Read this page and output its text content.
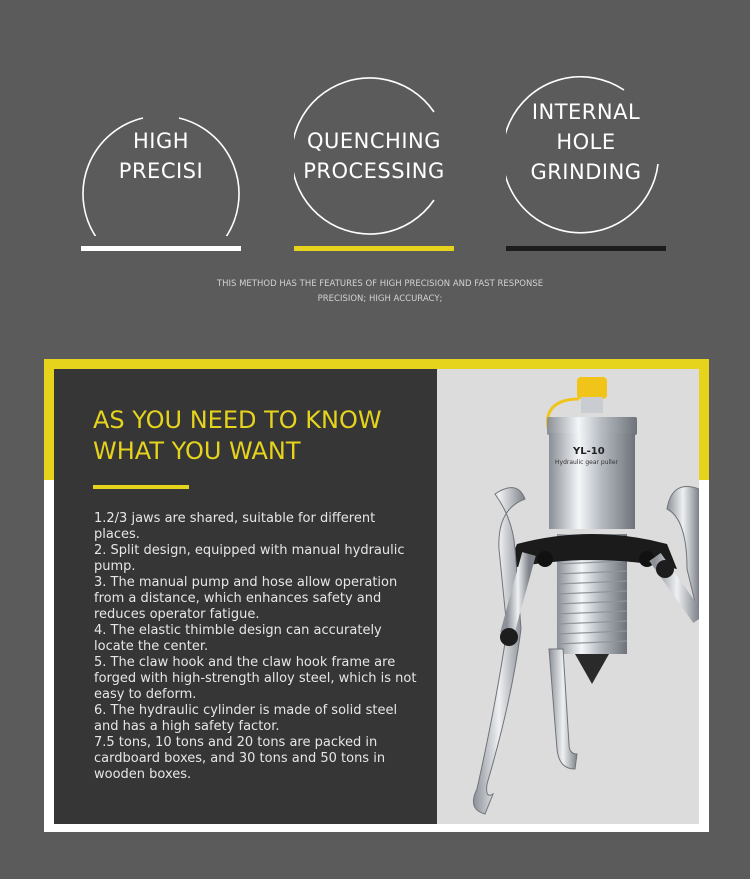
HIGH
PRECISI
QUENCHING
PROCESSING
INTERNAL
HOLE
GRINDING
THIS METHOD HAS THE FEATURES OF HIGH PRECISION AND FAST RESPONSE
PRECISION; HIGH ACCURACY;
YL-10
Hydraulic gear puller
AS YOU NEED TO KNOW
WHAT YOU WANT
1.2/3 jaws are shared, suitable for different
places.
2. Split design, equipped with manual hydraulic
pump.
3. The manual pump and hose allow operation
from a distance, which enhances safety and
reduces operator fatigue.
4. The elastic thimble design can accurately
locate the center.
5. The claw hook and the claw hook frame are
forged with high-strength alloy steel, which is not
easy to deform.
6. The hydraulic cylinder is made of solid steel
and has a high safety factor.
7.5 tons, 10 tons and 20 tons are packed in
cardboard boxes, and 30 tons and 50 tons in
wooden boxes.
